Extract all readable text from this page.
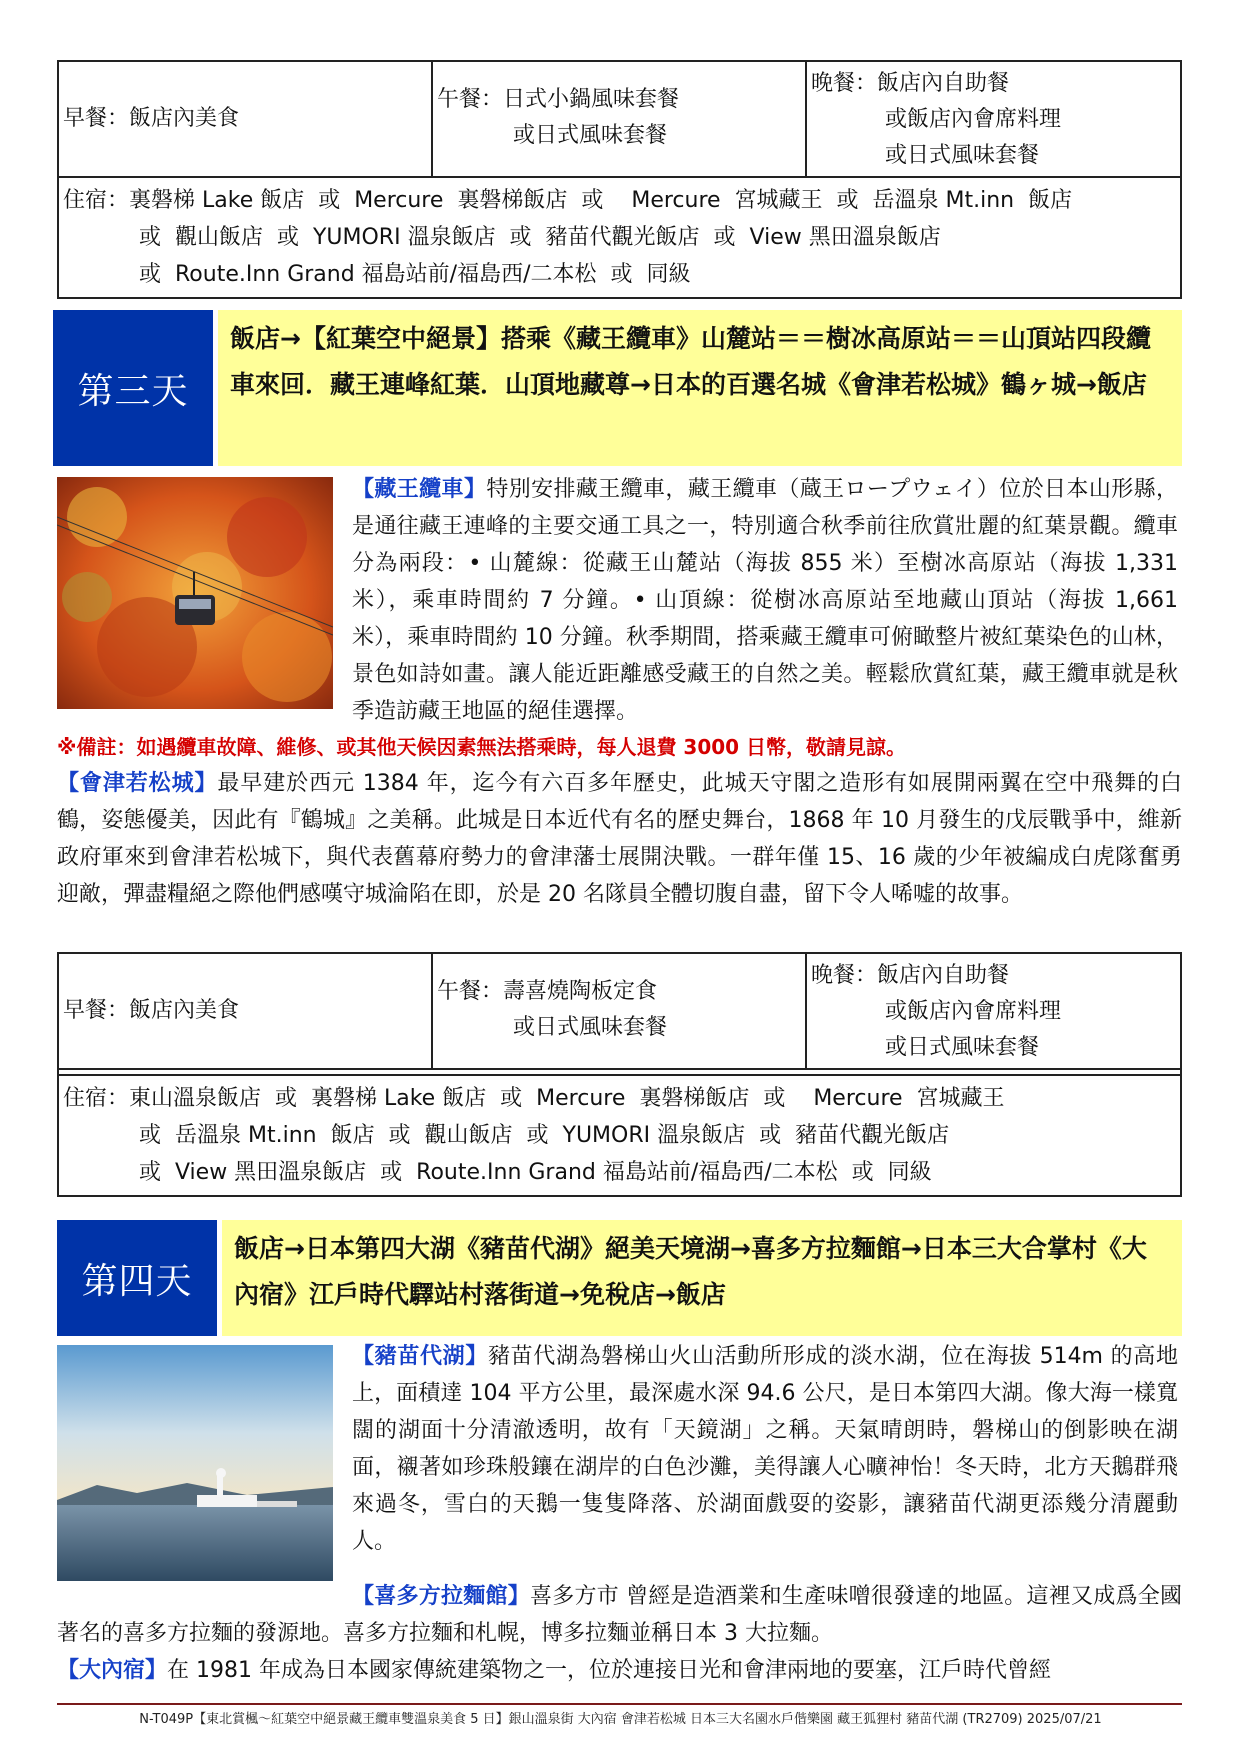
早餐：飯店內美食
午餐：日式小鍋風味套餐
或日式風味套餐
晚餐：飯店內自助餐
或飯店內會席料理
或日式風味套餐
住宿：裏磐梯 Lake 飯店  或  Mercure  裏磐梯飯店  或    Mercure  宮城藏王  或  岳溫泉 Mt.inn  飯店
或  觀山飯店  或  YUMORI 溫泉飯店  或  豬苗代觀光飯店  或  View 黑田溫泉飯店
或  Route.Inn Grand 福島站前/福島西/二本松  或  同級
第三天
飯店→【紅葉空中絕景】搭乘《藏王纜車》山麓站＝＝樹冰高原站＝＝山頂站四段纜車來回．藏王連峰紅葉．山頂地藏尊→日本的百選名城《會津若松城》鶴ヶ城→飯店
【藏王纜車】特別安排藏王纜車，藏王纜車（蔵王ロープウェイ）位於日本山形縣，是通往藏王連峰的主要交通工具之一，特別適合秋季前往欣賞壯麗的紅葉景觀。纜車分為兩段：• 山麓線：從藏王山麓站（海拔 855 米）至樹冰高原站（海拔 1,331 米），乘車時間約 7 分鐘。• 山頂線：從樹冰高原站至地藏山頂站（海拔 1,661 米），乘車時間約 10 分鐘。秋季期間，搭乘藏王纜車可俯瞰整片被紅葉染色的山林，景色如詩如畫。讓人能近距離感受藏王的自然之美。輕鬆欣賞紅葉，藏王纜車就是秋季造訪藏王地區的絕佳選擇。
※備註：如遇纜車故障、維修、或其他天候因素無法搭乘時，每人退費 3000 日幣，敬請見諒。
【會津若松城】最早建於西元 1384 年，迄今有六百多年歷史，此城天守閣之造形有如展開兩翼在空中飛舞的白鶴，姿態優美，因此有『鶴城』之美稱。此城是日本近代有名的歷史舞台，1868 年 10 月發生的戊辰戰爭中，維新政府軍來到會津若松城下，與代表舊幕府勢力的會津藩士展開決戰。一群年僅 15、16 歲的少年被編成白虎隊奮勇迎敵，彈盡糧絕之際他們感嘆守城淪陷在即，於是 20 名隊員全體切腹自盡，留下令人唏嘘的故事。
早餐：飯店內美食
午餐：壽喜燒陶板定食
或日式風味套餐
晚餐：飯店內自助餐
或飯店內會席料理
或日式風味套餐
住宿：東山溫泉飯店  或  裏磐梯 Lake 飯店  或  Mercure  裏磐梯飯店  或    Mercure  宮城藏王
或  岳溫泉 Mt.inn  飯店  或  觀山飯店  或  YUMORI 溫泉飯店  或  豬苗代觀光飯店
或  View 黑田溫泉飯店  或  Route.Inn Grand 福島站前/福島西/二本松  或  同級
第四天
飯店→日本第四大湖《豬苗代湖》絕美天境湖→喜多方拉麵館→日本三大合掌村《大內宿》江戶時代驛站村落街道→免稅店→飯店
【豬苗代湖】豬苗代湖為磐梯山火山活動所形成的淡水湖，位在海拔 514m 的高地上，面積達 104 平方公里，最深處水深 94.6 公尺，是日本第四大湖。像大海一樣寬闊的湖面十分清澈透明，故有「天鏡湖」之稱。天氣晴朗時，磐梯山的倒影映在湖面，襯著如珍珠般鑲在湖岸的白色沙灘，美得讓人心曠神怡！冬天時，北方天鵝群飛來過冬，雪白的天鵝一隻隻降落、於湖面戲耍的姿影，讓豬苗代湖更添幾分清麗動人。
【喜多方拉麵館】喜多方市 曾經是造酒業和生產味噌很發達的地區。這裡又成爲全國著名的喜多方拉麵的發源地。喜多方拉麵和札幌，博多拉麵並稱日本 3 大拉麵。
【大內宿】在 1981 年成為日本國家傳統建築物之一，位於連接日光和會津兩地的要塞，江戶時代曾經
N-T049P【東北賞楓～紅葉空中絕景藏王纜車雙溫泉美食 5 日】銀山溫泉街 大內宿 會津若松城 日本三大名園水戶偕樂園 藏王狐狸村 豬苗代湖 (TR2709) 2025/07/21
